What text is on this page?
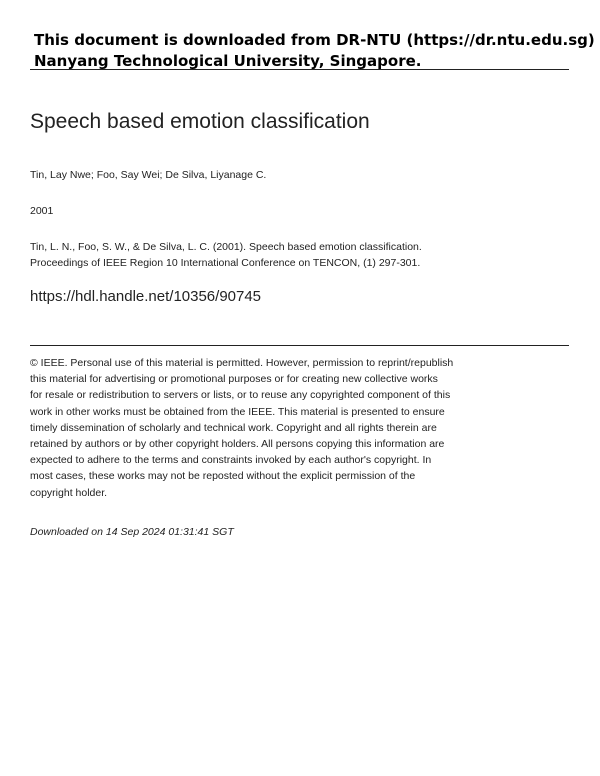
This document is downloaded from DR-NTU (https://dr.ntu.edu.sg)
Nanyang Technological University, Singapore.
Speech based emotion classification
Tin, Lay Nwe; Foo, Say Wei; De Silva, Liyanage C.
2001
Tin, L. N., Foo, S. W., & De Silva, L. C. (2001). Speech based emotion classification.
Proceedings of IEEE Region 10 International Conference on TENCON, (1) 297-301.
https://hdl.handle.net/10356/90745
© IEEE. Personal use of this material is permitted. However, permission to reprint/republish
this material for advertising or promotional purposes or for creating new collective works
for resale or redistribution to servers or lists, or to reuse any copyrighted component of this
work in other works must be obtained from the IEEE. This material is presented to ensure
timely dissemination of scholarly and technical work. Copyright and all rights therein are
retained by authors or by other copyright holders. All persons copying this information are
expected to adhere to the terms and constraints invoked by each author's copyright. In
most cases, these works may not be reposted without the explicit permission of the
copyright holder.
Downloaded on 14 Sep 2024 01:31:41 SGT
